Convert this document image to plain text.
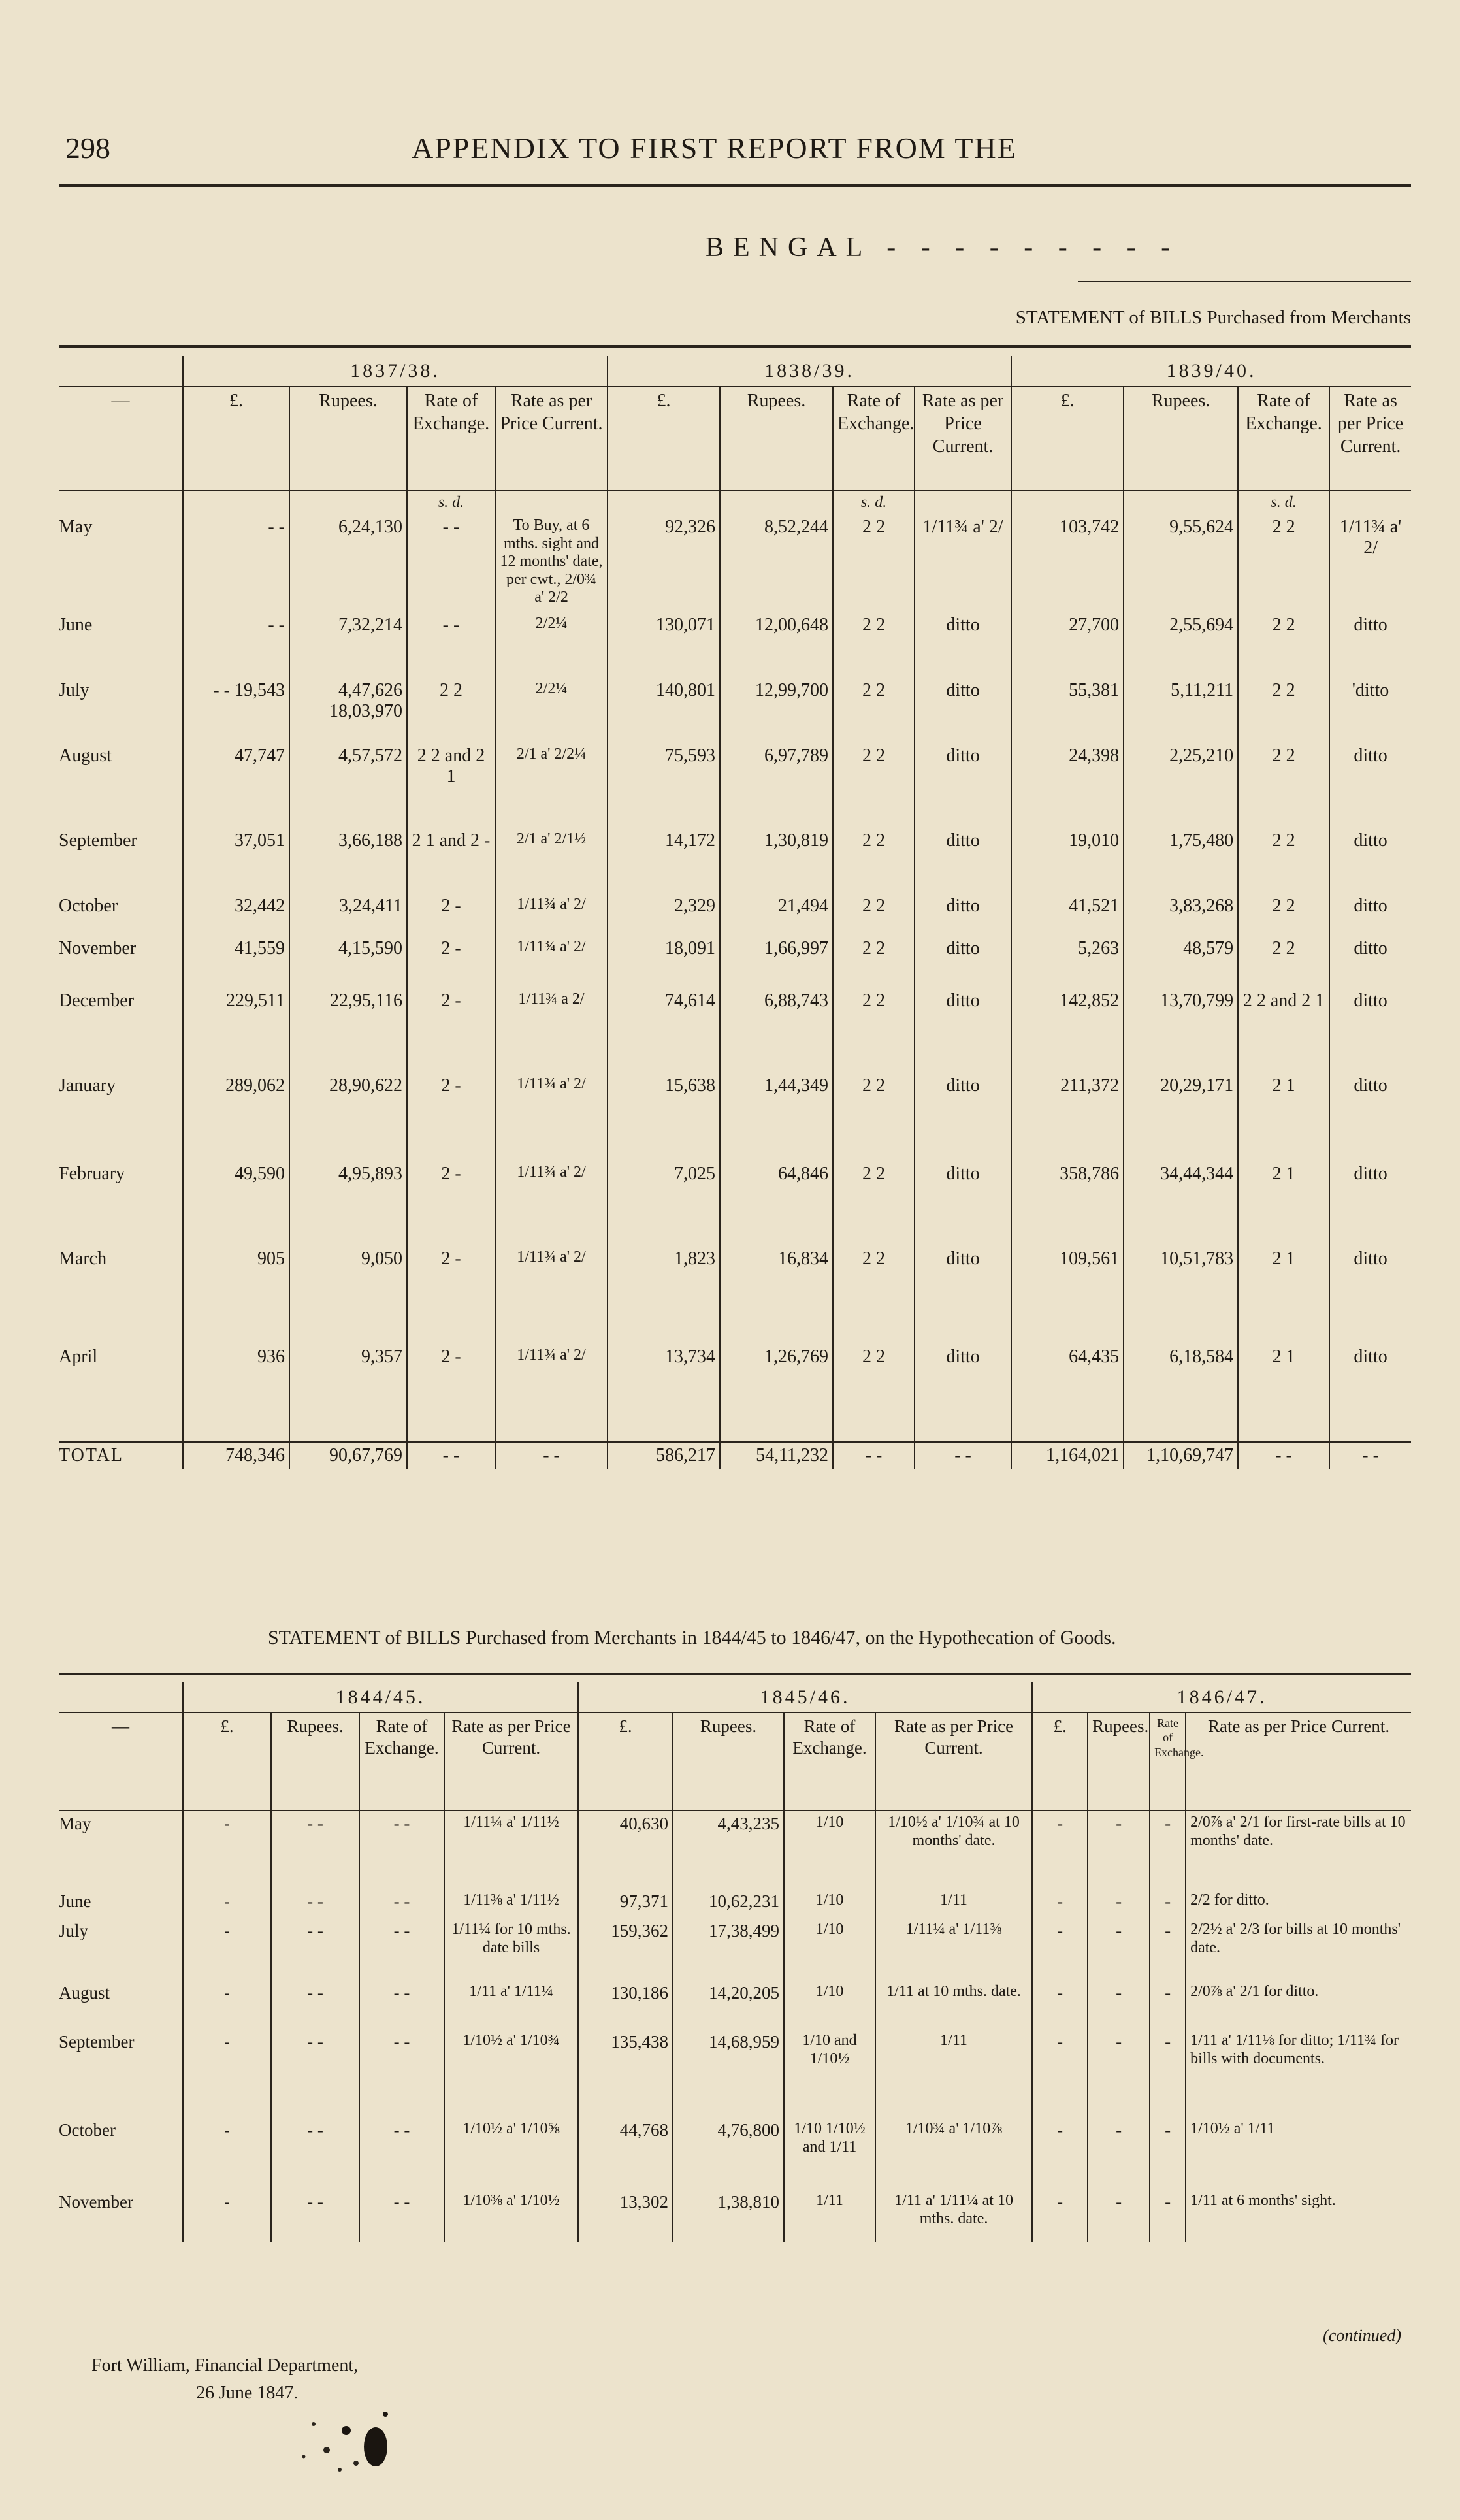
298	APPENDIX TO FIRST REPORT FROM THE
BENGAL - - - - - - - - -
STATEMENT of BILLS Purchased from Merchants
	1837/38.				1838/39.				1839/40.			
—	£.	Rupees.	Rate of Exchange.	Rate as per Price Current.	£.	Rupees.	Rate of Exchange.	Rate as per Price Current.	£.	Rupees.	Rate of Exchange.	Rate as per Price Current.
			s. d.				s. d.				s. d.	
May	- -	6,24,130	- -	To Buy, at 6 mths. sight and 12 months' date, per cwt., 2/0¾ a' 2/2	92,326	8,52,244	2 2	1/11¾ a' 2/	103,742	9,55,624	2 2	1/11¾ a' 2/
June	- -	7,32,214	- -	2/2¼	130,071	12,00,648	2 2	ditto	27,700	2,55,694	2 2	ditto
July	- - 19,543	4,47,626 18,03,970	2 2	2/2¼	140,801	12,99,700	2 2	ditto	55,381	5,11,211	2 2	'ditto
August	47,747	4,57,572	2 2 and 2 1	2/1 a' 2/2¼	75,593	6,97,789	2 2	ditto	24,398	2,25,210	2 2	ditto
September	37,051	3,66,188	2 1 and 2 -	2/1 a' 2/1½	14,172	1,30,819	2 2	ditto	19,010	1,75,480	2 2	ditto
October	32,442	3,24,411	2 -	1/11¾ a' 2/	2,329	21,494	2 2	ditto	41,521	3,83,268	2 2	ditto
November	41,559	4,15,590	2 -	1/11¾ a' 2/	18,091	1,66,997	2 2	ditto	5,263	48,579	2 2	ditto
December	229,511	22,95,116	2 -	1/11¾ a 2/	74,614	6,88,743	2 2	ditto	142,852	13,70,799	2 2 and 2 1	ditto
January	289,062	28,90,622	2 -	1/11¾ a' 2/	15,638	1,44,349	2 2	ditto	211,372	20,29,171	2 1	ditto
February	49,590	4,95,893	2 -	1/11¾ a' 2/	7,025	64,846	2 2	ditto	358,786	34,44,344	2 1	ditto
March	905	9,050	2 -	1/11¾ a' 2/	1,823	16,834	2 2	ditto	109,561	10,51,783	2 1	ditto
April	936	9,357	2 -	1/11¾ a' 2/	13,734	1,26,769	2 2	ditto	64,435	6,18,584	2 1	ditto
TOTAL	748,346	90,67,769	- -	- -	586,217	54,11,232	- -	- -	1,164,021	1,10,69,747	- -	- -
STATEMENT of BILLS Purchased from Merchants in 1844/45 to 1846/47, on the Hypothecation of Goods.
	1844/45.				1845/46.				1846/47.			
—	£.	Rupees.	Rate of Exchange.	Rate as per Price Current.	£.	Rupees.	Rate of Exchange.	Rate as per Price Current.	£.	Rupees.	Rate of Exchange.	Rate as per Price Current.
May	-	- -	- -	1/11¼ a' 1/11½	40,630	4,43,235	1/10	1/10½ a' 1/10¾ at 10 months' date.	-	-	-	2/0⅞ a' 2/1 for first-rate bills at 10 months' date.
June	-	- -	- -	1/11⅜ a' 1/11½	97,371	10,62,231	1/10	1/11	-	-	-	2/2 for ditto.
July	-	- -	- -	1/11¼ for 10 mths. date bills	159,362	17,38,499	1/10	1/11¼ a' 1/11⅜	-	-	-	2/2½ a' 2/3 for bills at 10 months' date.
August	-	- -	- -	1/11 a' 1/11¼	130,186	14,20,205	1/10	1/11 at 10 mths. date.	-	-	-	2/0⅞ a' 2/1 for ditto.
September	-	- -	- -	1/10½ a' 1/10¾	135,438	14,68,959	1/10 and 1/10½	1/11	-	-	-	1/11 a' 1/11⅛ for ditto; 1/11¾ for bills with documents.
October	-	- -	- -	1/10½ a' 1/10⅝	44,768	4,76,800	1/10 1/10½ and 1/11	1/10¾ a' 1/10⅞	-	-	-	1/10½ a' 1/11
November	-	- -	- -	1/10⅜ a' 1/10½	13,302	1,38,810	1/11	1/11 a' 1/11¼ at 10 mths. date.	-	-	-	1/11 at 6 months' sight.
(continued)
Fort William, Financial Department,
26 June 1847.
